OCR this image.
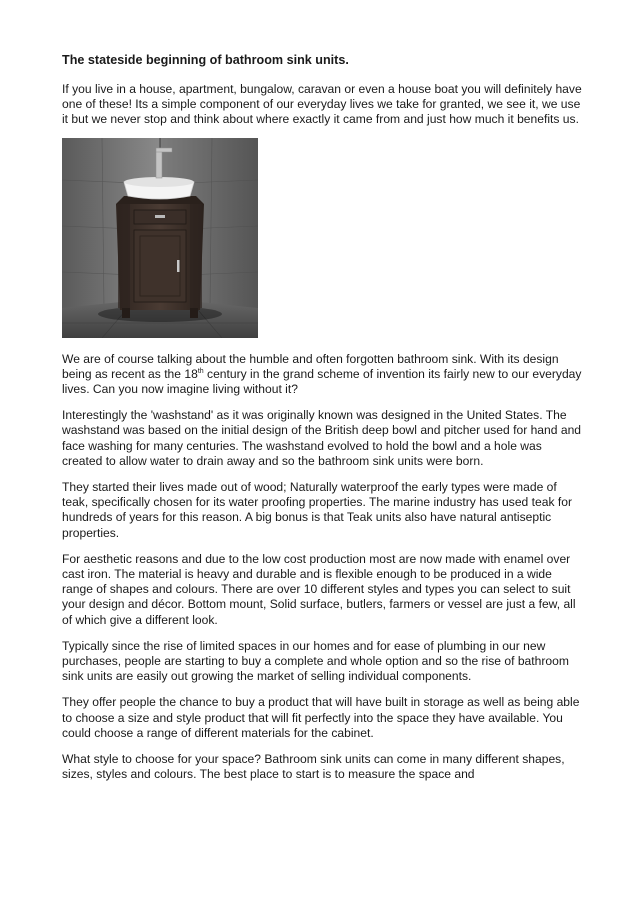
The stateside beginning of bathroom sink units.

If you live in a house, apartment, bungalow, caravan or even a house boat you will definitely have one of these! Its a simple component of our everyday lives we take for granted, we see it, we use it but we never stop and think about where exactly it came from and just how much it benefits us.

We are of course talking about the humble and often forgotten bathroom sink. With its design being as recent as the 18th century in the grand scheme of invention its fairly new to our everyday lives. Can you now imagine living without it?

Interestingly the 'washstand' as it was originally known was designed in the United States. The washstand was based on the initial design of the British deep bowl and pitcher used for hand and face washing for many centuries. The washstand evolved to hold the bowl and a hole was created to allow water to drain away and so the bathroom sink units were born.

They started their lives made out of wood; Naturally waterproof the early types were made of teak, specifically chosen for its water proofing properties. The marine industry has used teak for hundreds of years for this reason. A big bonus is that Teak units also have natural antiseptic properties.

For aesthetic reasons and due to the low cost production most are now made with enamel over cast iron. The material is heavy and durable and is flexible enough to be produced in a wide range of shapes and colours. There are over 10 different styles and types you can select to suit your design and décor. Bottom mount, Solid surface, butlers, farmers or vessel are just a few, all of which give a different look.

Typically since the rise of limited spaces in our homes and for ease of plumbing in our new purchases, people are starting to buy a complete and whole option and so the rise of bathroom sink units are easily out growing the market of selling individual components.

They offer people the chance to buy a product that will have built in storage as well as being able to choose a size and style product that will fit perfectly into the space they have available. You could choose a range of different materials for the cabinet.

What style to choose for your space? Bathroom sink units can come in many different shapes, sizes, styles and colours. The best place to start is to measure the space and
